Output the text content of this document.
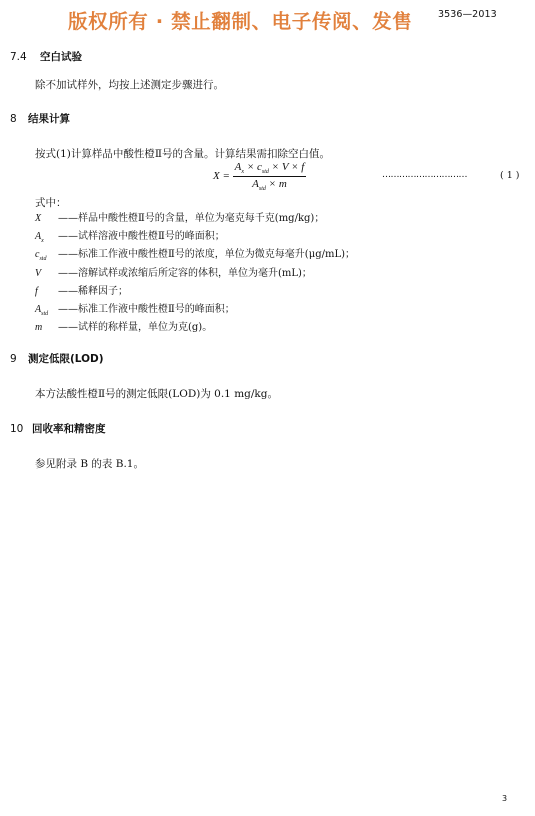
3536—2013
版权所有 · 禁止翻制、电子传阅、发售
7.4 空白试验
除不加试样外，均按上述测定步骤进行。
8 结果计算
按式(1)计算样品中酸性橙Ⅱ号的含量。计算结果需扣除空白值。
$X = \frac{A_x \times c_{std} \times V \times f}{A_{std} \times m}$	…………………………	( 1 )
式中：
X ——样品中酸性橙Ⅱ号的含量，单位为毫克每千克(mg/kg)；
$A_x$ ——试样溶液中酸性橙Ⅱ号的峰面积；
$c_{std}$ ——标准工作液中酸性橙Ⅱ号的浓度，单位为微克每毫升(μg/mL)；
V ——溶解试样或浓缩后所定容的体积，单位为毫升(mL)；
f ——稀释因子；
$A_{std}$ ——标准工作液中酸性橙Ⅱ号的峰面积；
m ——试样的称样量，单位为克(g)。
9 测定低限(LOD)
本方法酸性橙Ⅱ号的测定低限(LOD)为 0.1 mg/kg。
10 回收率和精密度
参见附录 B 的表 B.1。
3
